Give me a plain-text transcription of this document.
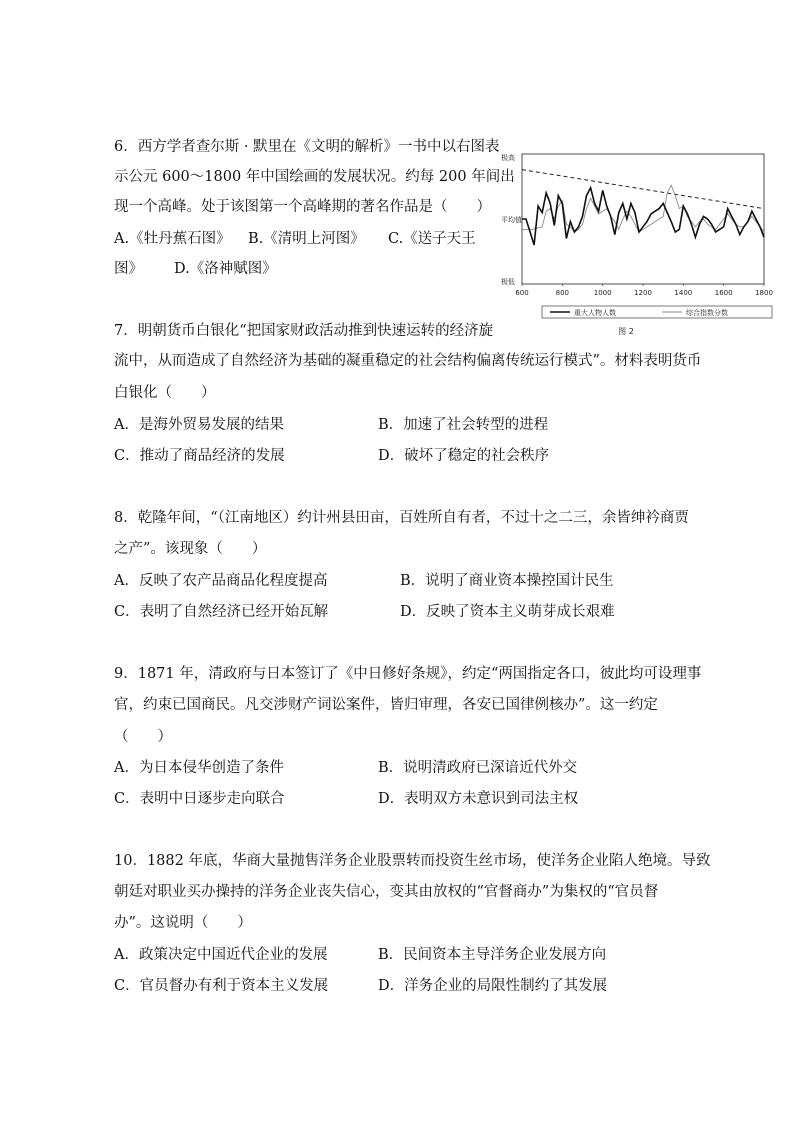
6．西方学者查尔斯 · 默里在《文明的解析》一书中以右图表
示公元 600～1800 年中国绘画的发展状况。约每 200 年间出
现一个高峰。处于该图第一个高峰期的著名作品是（　　）
A.《牡丹蕉石图》 B.《清明上河图》 C.《送子天王
图》 D.《洛神赋图》
极高
平均值
极低
600	800	1000	1200	1400	1600	1800
重大人物人数	综合指数分数
图 2
7．明朝货币白银化“把国家财政活动推到快速运转的经济旋
流中，从而造成了自然经济为基础的凝重稳定的社会结构偏离传统运行模式”。材料表明货币
白银化（　　）
A．是海外贸易发展的结果	B．加速了社会转型的进程
C．推动了商品经济的发展	D．破坏了稳定的社会秩序
8．乾隆年间，“（江南地区）约计州县田亩，百姓所自有者，不过十之二三，余皆绅衿商贾
之产”。该现象（　　）
A．反映了农产品商品化程度提高	B．说明了商业资本操控国计民生
C．表明了自然经济已经开始瓦解	D．反映了资本主义萌芽成长艰难
9．1871 年，清政府与日本签订了《中日修好条规》，约定“两国指定各口，彼此均可设理事
官，约束已国商民。凡交涉财产词讼案件，皆归审理，各安已国律例核办”。这一约定
（　　）
A．为日本侵华创造了条件	B．说明清政府已深谙近代外交
C．表明中日逐步走向联合	D．表明双方未意识到司法主权
10．1882 年底，华商大量抛售洋务企业股票转而投资生丝市场，使洋务企业陷人绝境。导致
朝廷对职业买办操持的洋务企业丧失信心，变其由放权的“官督商办”为集权的“官员督
办”。这说明（　　）
A．政策决定中国近代企业的发展	B．民间资本主导洋务企业发展方向
C．官员督办有利于资本主义发展	D．洋务企业的局限性制约了其发展
